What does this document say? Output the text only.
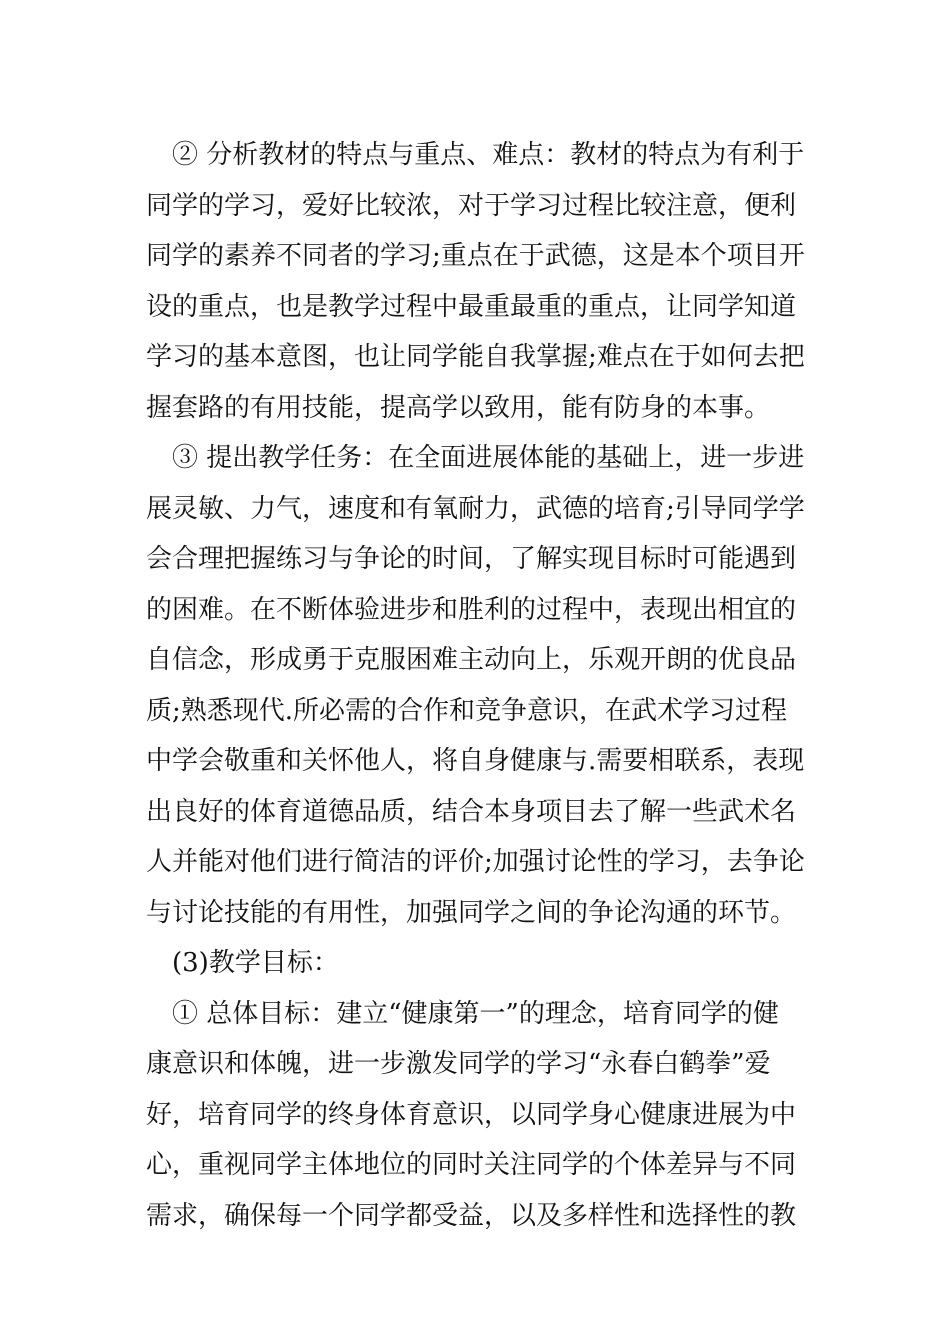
② 分析教材的特点与重点、难点：教材的特点为有利于
同学的学习，爱好比较浓，对于学习过程比较注意，便利
同学的素养不同者的学习;重点在于武德，这是本个项目开
设的重点，也是教学过程中最重最重的重点，让同学知道
学习的基本意图，也让同学能自我掌握;难点在于如何去把
握套路的有用技能，提高学以致用，能有防身的本事。
③ 提出教学任务：在全面进展体能的基础上，进一步进
展灵敏、力气，速度和有氧耐力，武德的培育;引导同学学
会合理把握练习与争论的时间，了解实现目标时可能遇到
的困难。在不断体验进步和胜利的过程中，表现出相宜的
自信念，形成勇于克服困难主动向上，乐观开朗的优良品
质;熟悉现代.所必需的合作和竞争意识，在武术学习过程
中学会敬重和关怀他人，将自身健康与.需要相联系，表现
出良好的体育道德品质，结合本身项目去了解一些武术名
人并能对他们进行简洁的评价;加强讨论性的学习，去争论
与讨论技能的有用性，加强同学之间的争论沟通的环节。
(3)教学目标：
① 总体目标：建立“健康第一”的理念，培育同学的健
康意识和体魄，进一步激发同学的学习“永春白鹤拳”爱
好，培育同学的终身体育意识，以同学身心健康进展为中
心，重视同学主体地位的同时关注同学的个体差异与不同
需求，确保每一个同学都受益，以及多样性和选择性的教
